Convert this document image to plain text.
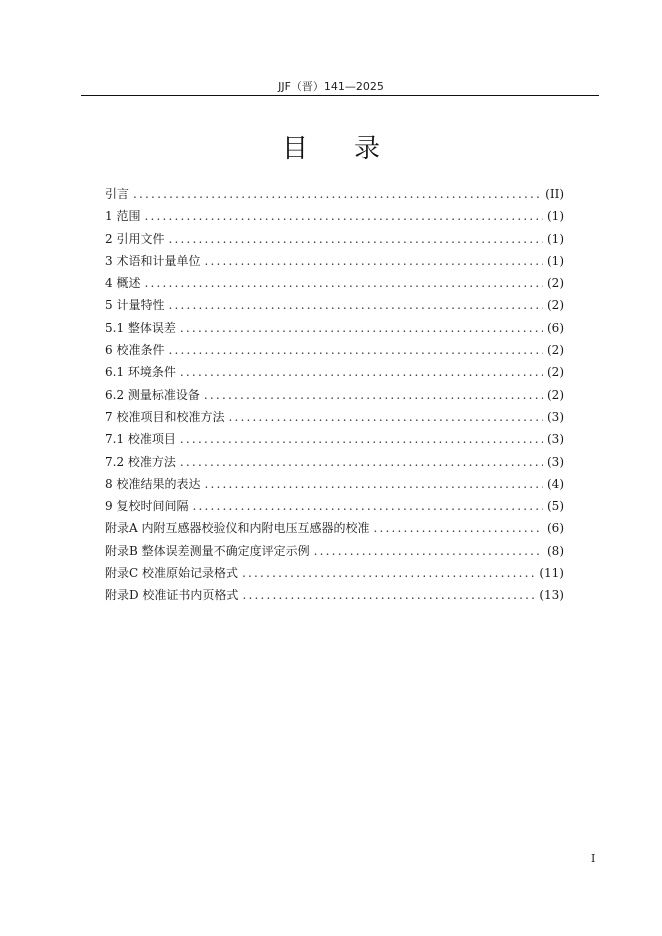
JJF（晋）141—2025
目录
引言 .....	(II)
1 范围 .....	(1)
2 引用文件 .....	(1)
3 术语和计量单位 .....	(1)
4 概述 .....	(2)
5 计量特性 .....	(2)
5.1 整体误差 .....	(6)
6 校准条件 .....	(2)
6.1 环境条件 .....	(2)
6.2 测量标准设备 .....	(2)
7 校准项目和校准方法 .....	(3)
7.1 校准项目 .....	(3)
7.2 校准方法 .....	(3)
8 校准结果的表达 .....	(4)
9 复校时间间隔 .....	(5)
附录A 内附互感器校验仪和内附电压互感器的校准 .....	(6)
附录B 整体误差测量不确定度评定示例 .....	(8)
附录C 校准原始记录格式 .....	(11)
附录D 校准证书内页格式 .....	(13)
I
